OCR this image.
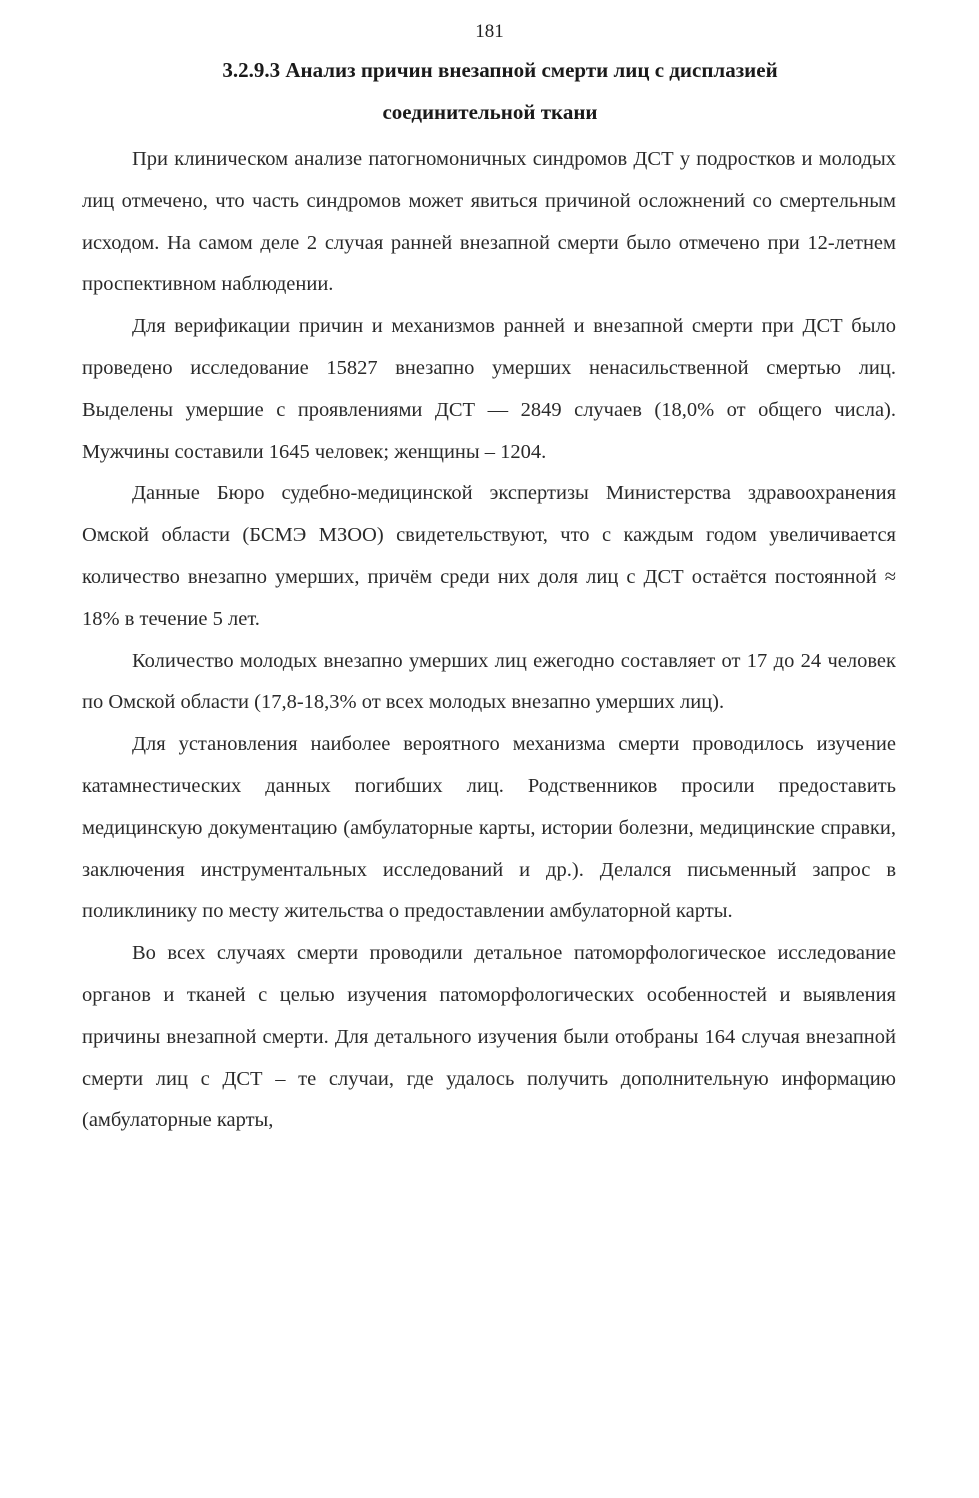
181
3.2.9.3 Анализ причин внезапной смерти лиц с дисплазией
соединительной ткани

При клиническом анализе патогномоничных синдромов ДСТ у подростков и молодых лиц отмечено, что часть синдромов может явиться причиной осложнений со смертельным исходом. На самом деле 2 случая ранней внезапной смерти было отмечено при 12-летнем проспективном наблюдении.

Для верификации причин и механизмов ранней и внезапной смерти при ДСТ было проведено исследование 15827 внезапно умерших ненасильственной смертью лиц. Выделены умершие с проявлениями ДСТ — 2849 случаев (18,0% от общего числа). Мужчины составили 1645 человек; женщины – 1204.

Данные Бюро судебно-медицинской экспертизы Министерства здравоохранения Омской области (БСМЭ МЗОО) свидетельствуют, что с каждым годом увеличивается количество внезапно умерших, причём среди них доля лиц с ДСТ остаётся постоянной ≈ 18% в течение 5 лет.

Количество молодых внезапно умерших лиц ежегодно составляет от 17 до 24 человек по Омской области (17,8-18,3% от всех молодых внезапно умерших лиц).

Для установления наиболее вероятного механизма смерти проводилось изучение катамнестических данных погибших лиц. Родственников просили предоставить медицинскую документацию (амбулаторные карты, истории болезни, медицинские справки, заключения инструментальных исследований и др.). Делался письменный запрос в поликлинику по месту жительства о предоставлении амбулаторной карты.

Во всех случаях смерти проводили детальное патоморфологическое исследование органов и тканей с целью изучения патоморфологических особенностей и выявления причины внезапной смерти. Для детального изучения были отобраны 164 случая внезапной смерти лиц с ДСТ – те случаи, где удалось получить дополнительную информацию (амбулаторные карты,
